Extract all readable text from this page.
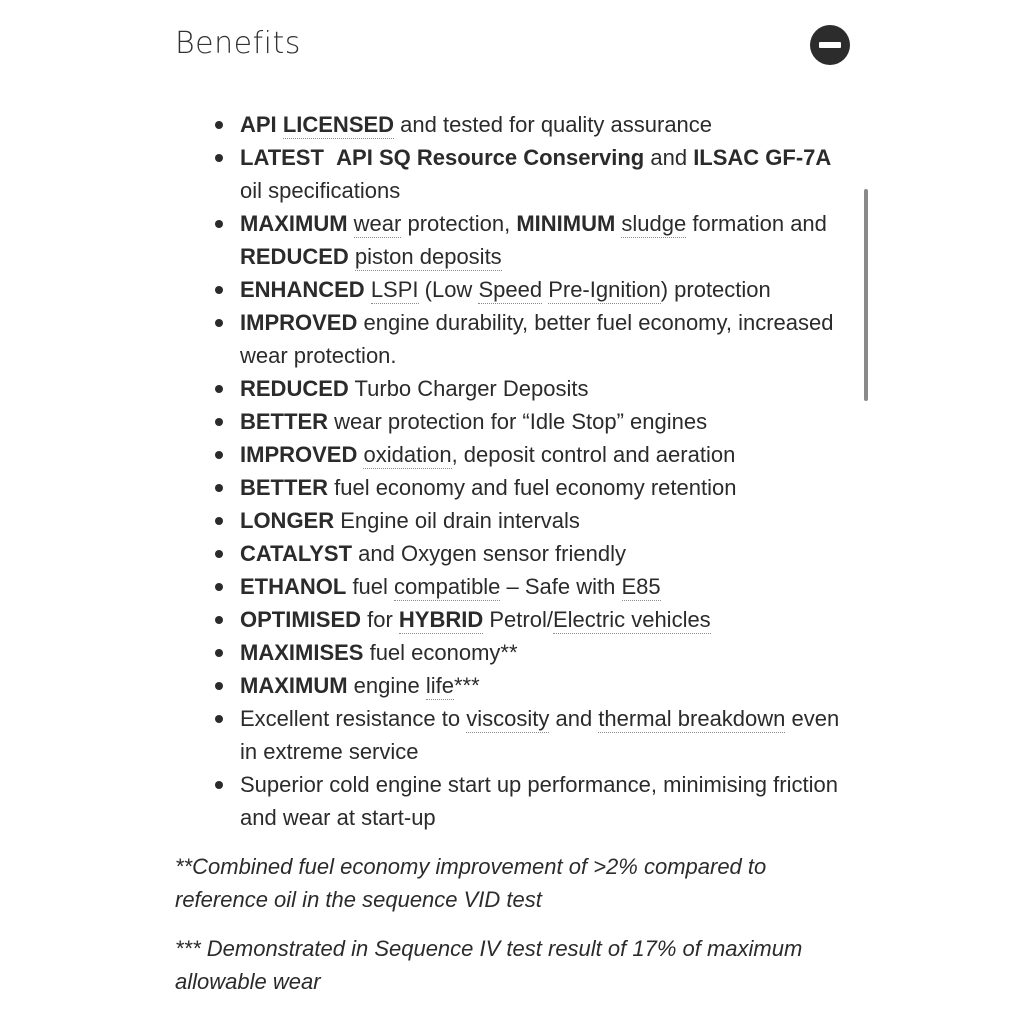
Benefits
API LICENSED and tested for quality assurance
LATEST API SQ Resource Conserving and ILSAC GF-7A oil specifications
MAXIMUM wear protection, MINIMUM sludge formation and REDUCED piston deposits
ENHANCED LSPI (Low Speed Pre-Ignition) protection
IMPROVED engine durability, better fuel economy, increased wear protection.
REDUCED Turbo Charger Deposits
BETTER wear protection for “Idle Stop” engines
IMPROVED oxidation, deposit control and aeration
BETTER fuel economy and fuel economy retention
LONGER Engine oil drain intervals
CATALYST and Oxygen sensor friendly
ETHANOL fuel compatible – Safe with E85
OPTIMISED for HYBRID Petrol/Electric vehicles
MAXIMISES fuel economy**
MAXIMUM engine life***
Excellent resistance to viscosity and thermal breakdown even in extreme service
Superior cold engine start up performance, minimising friction and wear at start-up

**Combined fuel economy improvement of >2% compared to reference oil in the sequence VID test

*** Demonstrated in Sequence IV test result of 17% of maximum allowable wear
